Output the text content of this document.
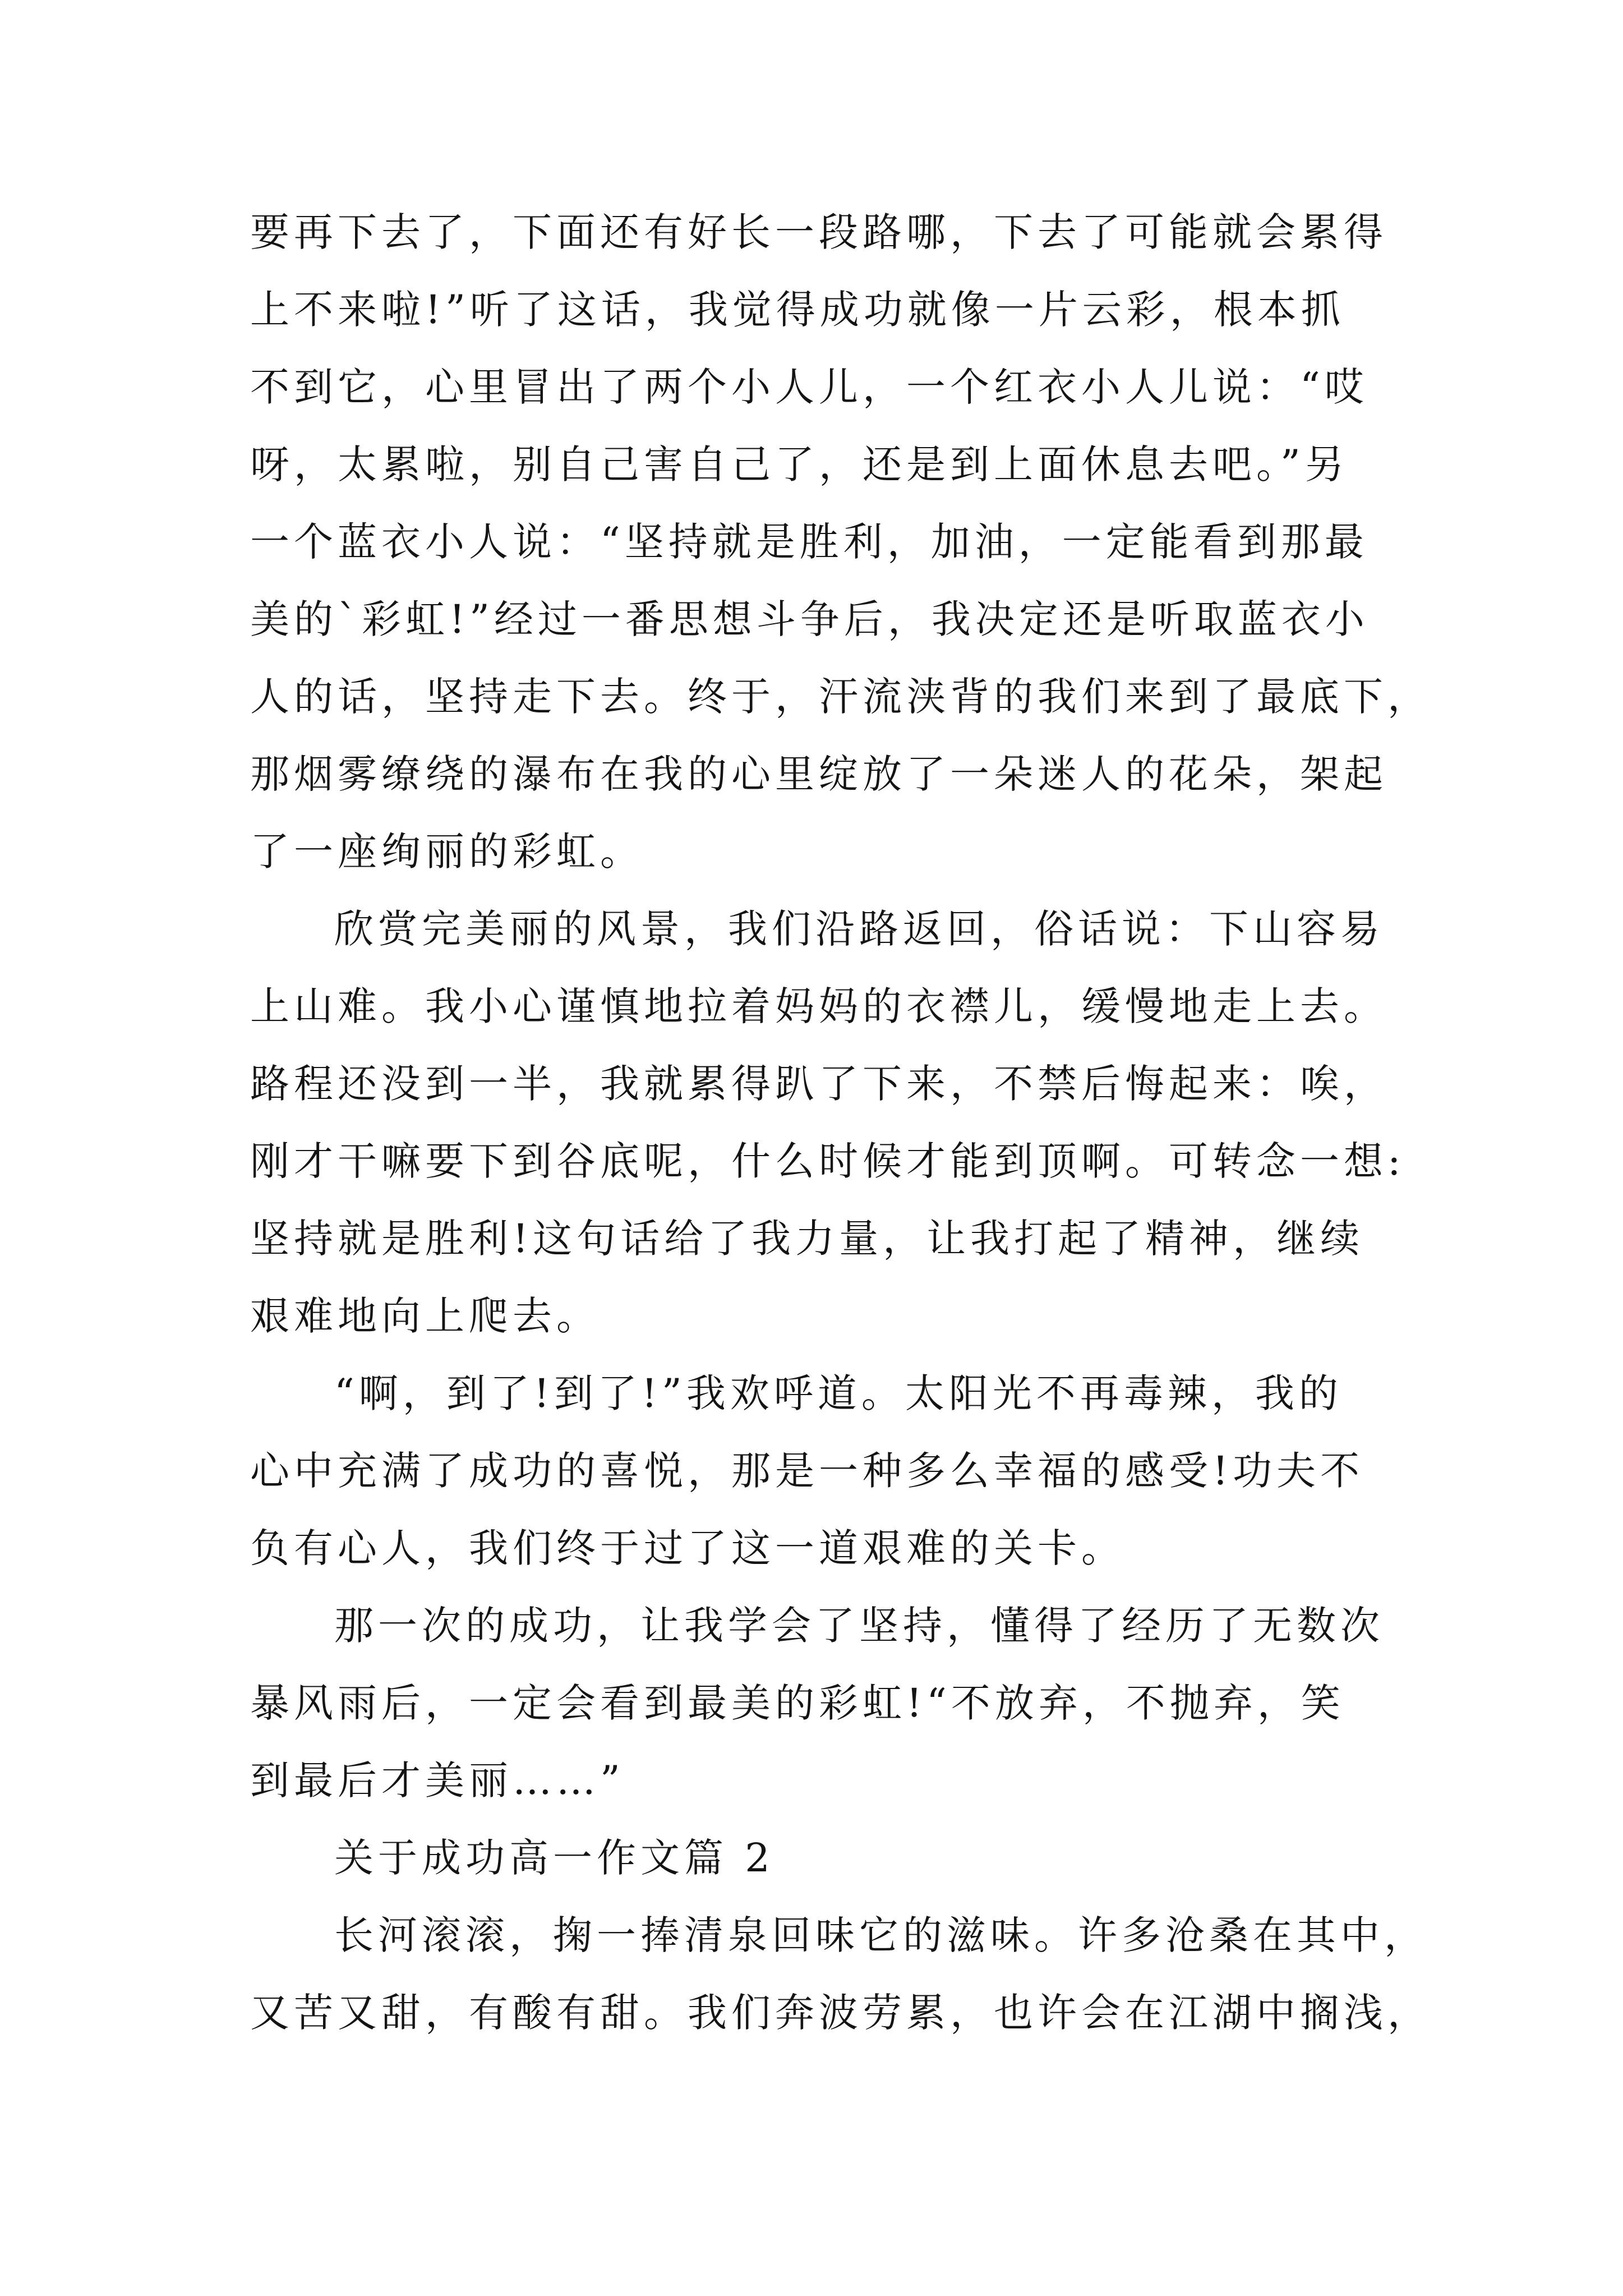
要再下去了，下面还有好长一段路哪，下去了可能就会累得
上不来啦!”听了这话，我觉得成功就像一片云彩，根本抓
不到它，心里冒出了两个小人儿，一个红衣小人儿说：“哎
呀，太累啦，别自己害自己了，还是到上面休息去吧。”另
一个蓝衣小人说：“坚持就是胜利，加油，一定能看到那最
美的`彩虹!”经过一番思想斗争后，我决定还是听取蓝衣小
人的话，坚持走下去。终于，汗流浃背的我们来到了最底下，
那烟雾缭绕的瀑布在我的心里绽放了一朵迷人的花朵，架起
了一座绚丽的彩虹。
欣赏完美丽的风景，我们沿路返回，俗话说：下山容易
上山难。我小心谨慎地拉着妈妈的衣襟儿，缓慢地走上去。
路程还没到一半，我就累得趴了下来，不禁后悔起来：唉，
刚才干嘛要下到谷底呢，什么时候才能到顶啊。可转念一想:
坚持就是胜利!这句话给了我力量，让我打起了精神，继续
艰难地向上爬去。
“啊，到了!到了!”我欢呼道。太阳光不再毒辣，我的
心中充满了成功的喜悦，那是一种多么幸福的感受!功夫不
负有心人，我们终于过了这一道艰难的关卡。
那一次的成功，让我学会了坚持，懂得了经历了无数次
暴风雨后，一定会看到最美的彩虹!“不放弃，不抛弃，笑
到最后才美丽……”
关于成功高一作文篇 2
长河滚滚，掬一捧清泉回味它的滋味。许多沧桑在其中，
又苦又甜，有酸有甜。我们奔波劳累，也许会在江湖中搁浅，
